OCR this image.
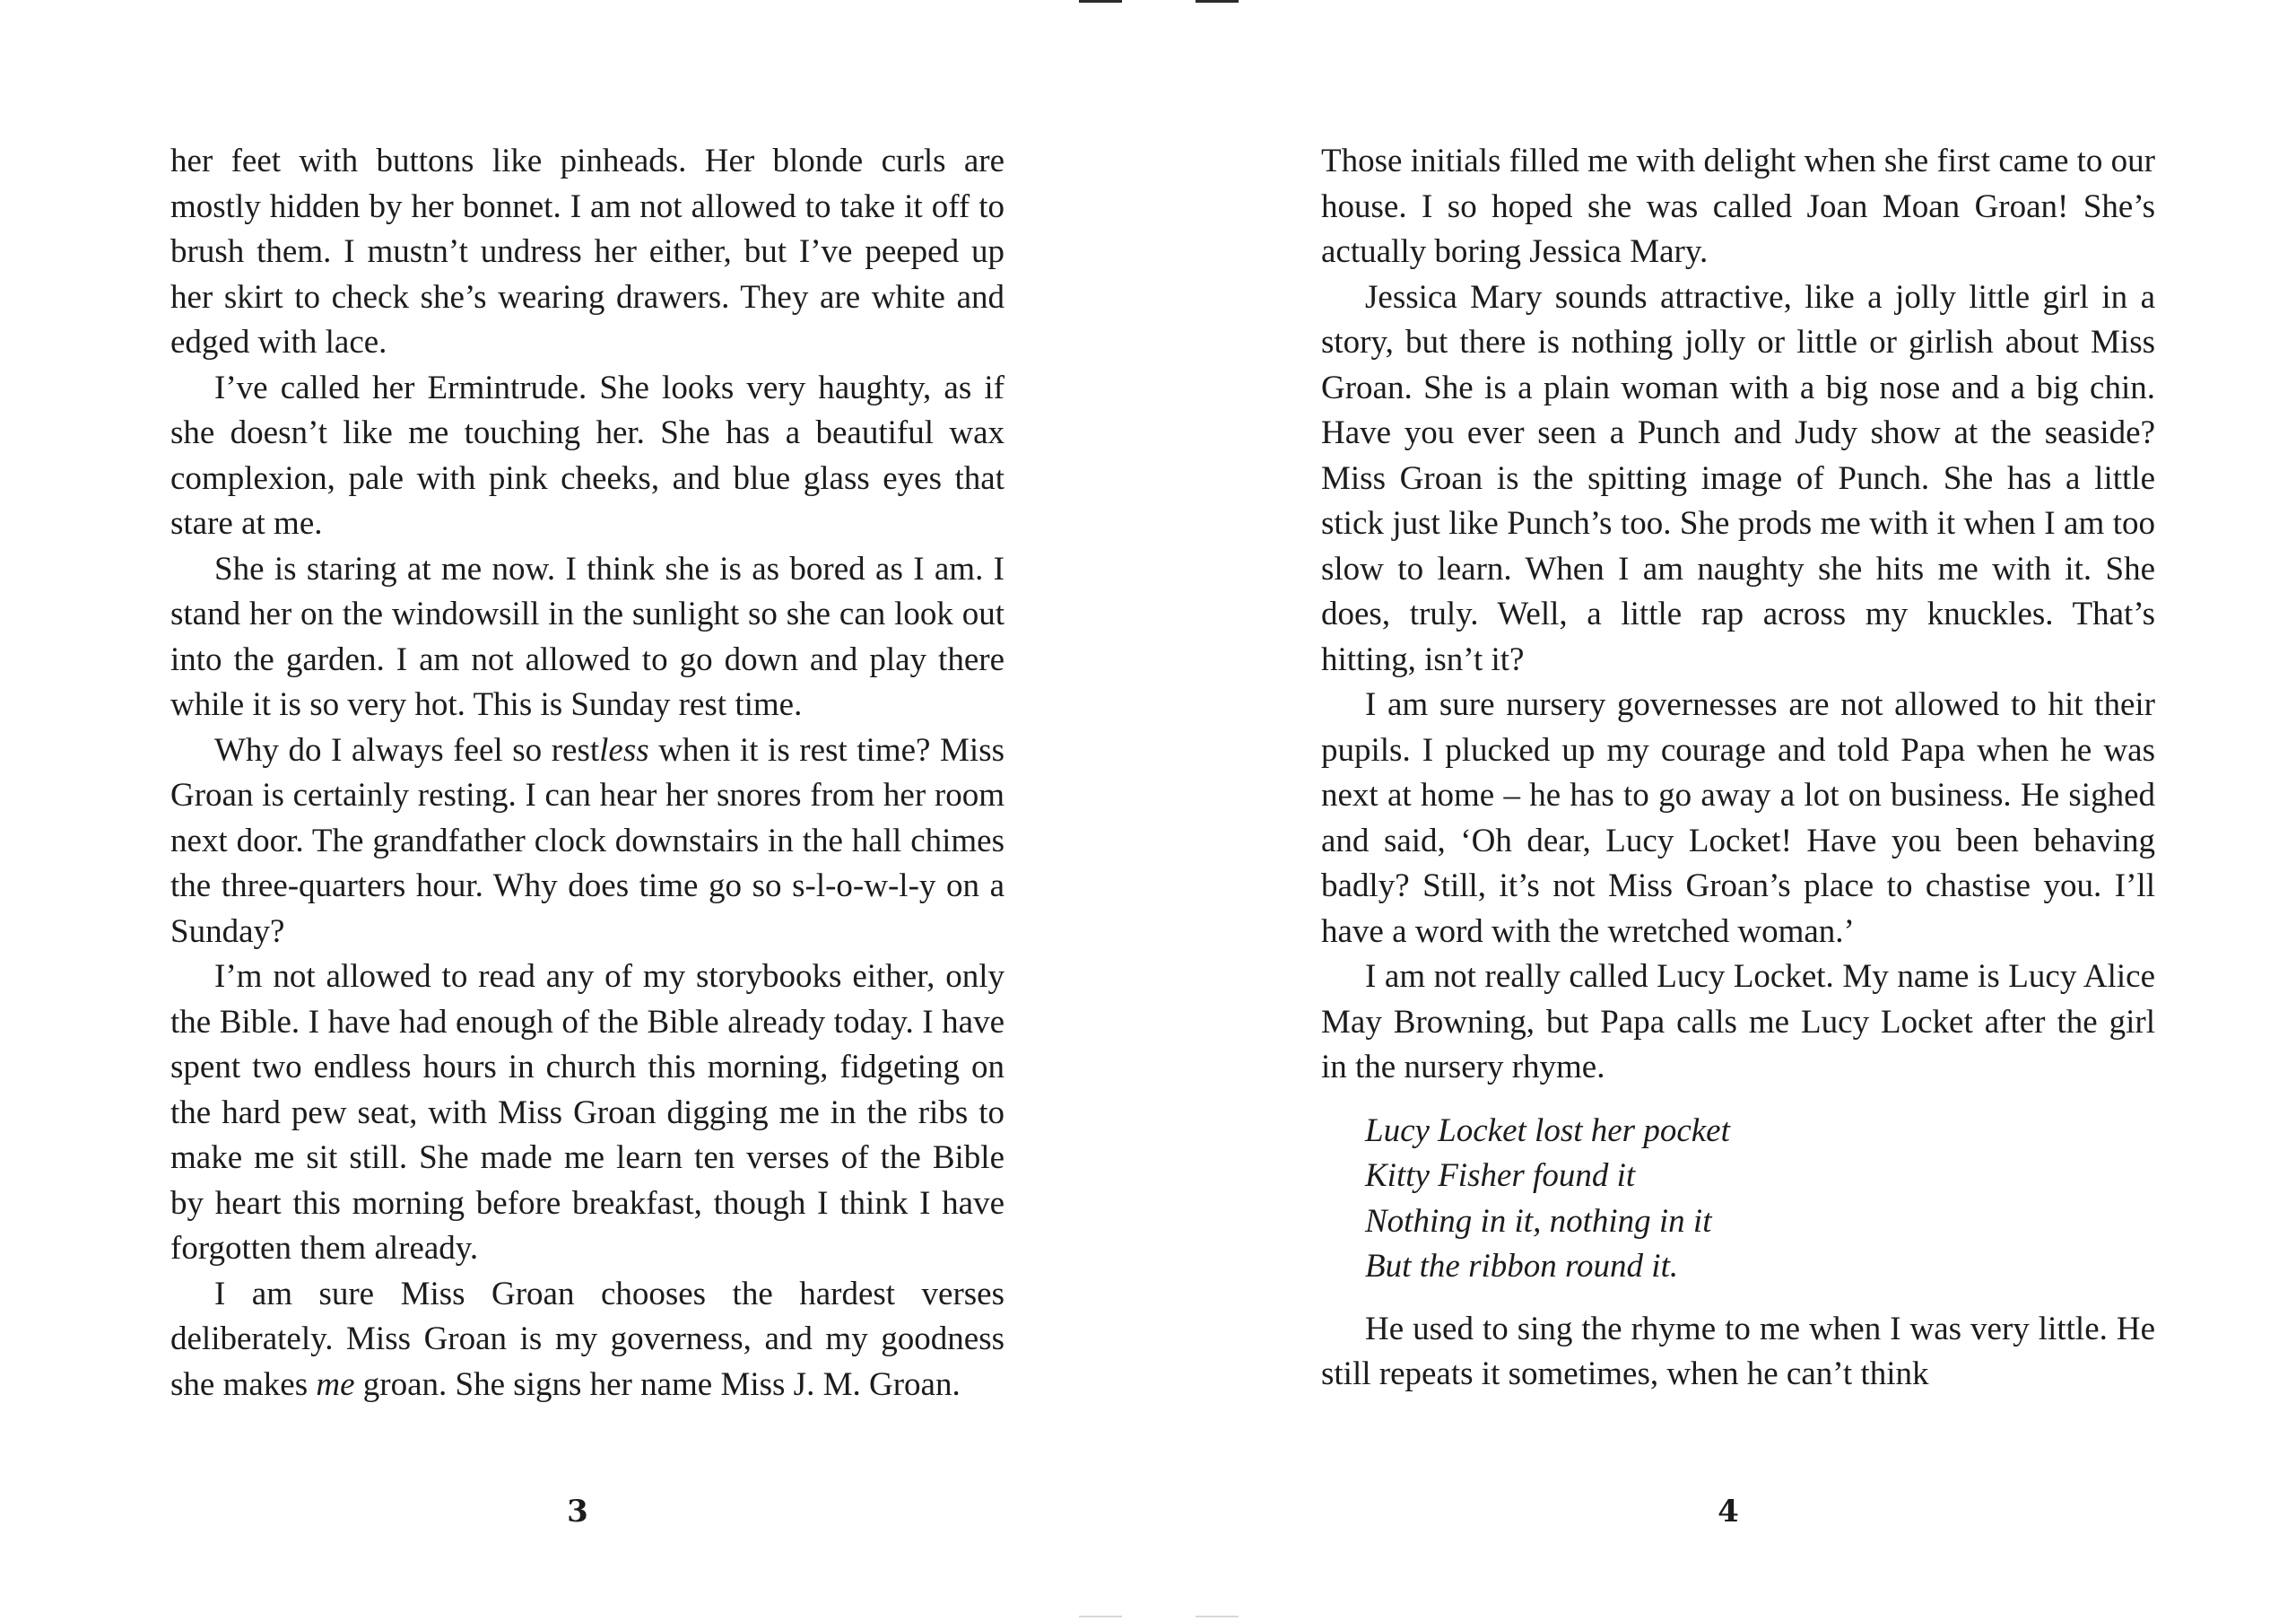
her feet with buttons like pinheads. Her blonde curls are mostly hidden by her bonnet. I am not allowed to take it off to brush them. I mustn’t undress her either, but I’ve peeped up her skirt to check she’s wearing drawers. They are white and edged with lace.

I’ve called her Ermintrude. She looks very haughty, as if she doesn’t like me touching her. She has a beautiful wax complexion, pale with pink cheeks, and blue glass eyes that stare at me.

She is staring at me now. I think she is as bored as I am. I stand her on the windowsill in the sunlight so she can look out into the garden. I am not allowed to go down and play there while it is so very hot. This is Sunday rest time.

Why do I always feel so restless when it is rest time? Miss Groan is certainly resting. I can hear her snores from her room next door. The grandfather clock downstairs in the hall chimes the three-quarters hour. Why does time go so s-l-o-w-l-y on a Sunday?

I’m not allowed to read any of my storybooks either, only the Bible. I have had enough of the Bible already today. I have spent two endless hours in church this morning, fidgeting on the hard pew seat, with Miss Groan digging me in the ribs to make me sit still. She made me learn ten verses of the Bible by heart this morning before breakfast, though I think I have forgotten them already.

I am sure Miss Groan chooses the hardest verses deliberately. Miss Groan is my governess, and my goodness she makes me groan. She signs her name Miss J. M. Groan.

3

Those initials filled me with delight when she first came to our house. I so hoped she was called Joan Moan Groan! She’s actually boring Jessica Mary.

Jessica Mary sounds attractive, like a jolly little girl in a story, but there is nothing jolly or little or girlish about Miss Groan. She is a plain woman with a big nose and a big chin. Have you ever seen a Punch and Judy show at the seaside? Miss Groan is the spitting image of Punch. She has a little stick just like Punch’s too. She prods me with it when I am too slow to learn. When I am naughty she hits me with it. She does, truly. Well, a little rap across my knuckles. That’s hitting, isn’t it?

I am sure nursery governesses are not allowed to hit their pupils. I plucked up my courage and told Papa when he was next at home – he has to go away a lot on business. He sighed and said, ‘Oh dear, Lucy Locket! Have you been behaving badly? Still, it’s not Miss Groan’s place to chastise you. I’ll have a word with the wretched woman.’

I am not really called Lucy Locket. My name is Lucy Alice May Browning, but Papa calls me Lucy Locket after the girl in the nursery rhyme.

Lucy Locket lost her pocket
Kitty Fisher found it
Nothing in it, nothing in it
But the ribbon round it.

He used to sing the rhyme to me when I was very little. He still repeats it sometimes, when he can’t think

4
